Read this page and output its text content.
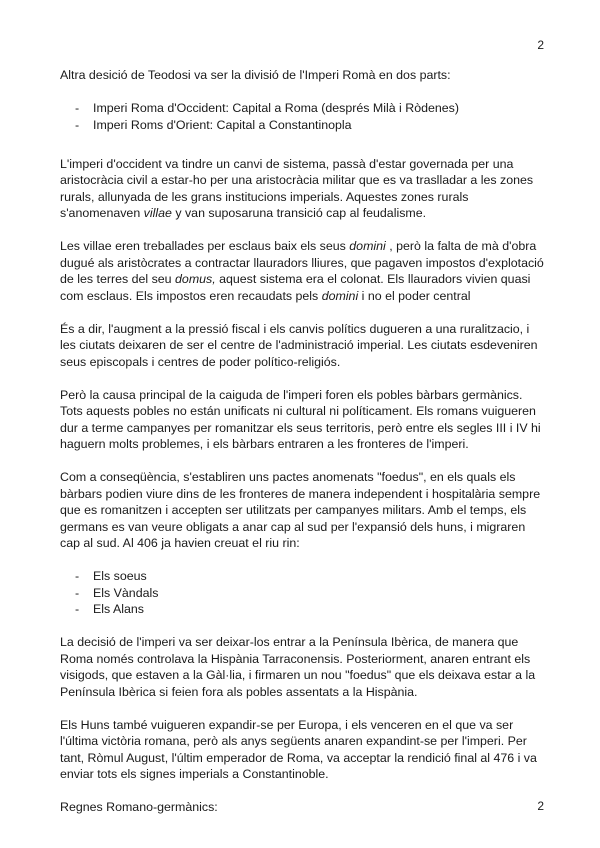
2

Altra desició de Teodosi va ser la divisió de l'Imperi Romà en dos parts:

- Imperi Roma d'Occident: Capital a Roma (després Milà i Ròdenes)
- Imperi Roms d'Orient: Capital a Constantinopla

L'imperi d'occident va tindre un canvi de sistema, passà d'estar governada per una aristocràcia civil a estar-ho per una aristocràcia militar que es va traslladar a les zones rurals, allunyada de les grans institucions imperials. Aquestes zones rurals s'anomenaven villae y van suposaruna transició cap al feudalisme.

Les villae eren treballades per esclaus baix els seus domini , però la falta de mà d'obra dugué als aristòcrates a contractar llauradors lliures, que pagaven impostos d'explotació de les terres del seu domus, aquest sistema era el colonat. Els llauradors vivien quasi com esclaus. Els impostos eren recaudats pels domini i no el poder central

És a dir, l'augment a la pressió fiscal i els canvis polítics dugueren a una ruralitzacio, i les ciutats deixaren de ser el centre de l'administració imperial. Les ciutats esdeveniren seus episcopals i centres de poder político-religiós.

Però la causa principal de la caiguda de l'imperi foren els pobles bàrbars germànics. Tots aquests pobles no están unificats ni cultural ni políticament. Els romans vuigueren dur a terme campanyes per romanitzar els seus territoris, però entre els segles III i IV hi haguern molts problemes, i els bàrbars entraren a les fronteres de l'imperi.

Com a conseqüència, s'establiren uns pactes anomenats "foedus", en els quals els bàrbars podien viure dins de les fronteres de manera independent i hospitalària sempre que es romanitzen i accepten ser utilitzats per campanyes militars. Amb el temps, els germans es van veure obligats a anar cap al sud per l'expansió dels huns, i migraren cap al sud. Al 406 ja havien creuat el riu rin:

- Els soeus
- Els Vàndals
- Els Alans

La decisió de l'imperi va ser deixar-los entrar a la Península Ibèrica, de manera que Roma només controlava la Hispània Tarraconensis. Posteriorment, anaren entrant els visigods, que estaven a la Gàl·lia, i firmaren un nou "foedus" que els deixava estar a la Península Ibèrica si feien fora als pobles assentats a la Hispània.

Els Huns també vuigueren expandir-se per Europa, i els venceren en el que va ser l'última victòria romana, però als anys següents anaren expandint-se per l'imperi. Per tant, Ròmul August, l'últim emperador de Roma, va acceptar la rendició final al 476 i va enviar tots els signes imperials a Constantinoble.

Regnes Romano-germànics:	2
